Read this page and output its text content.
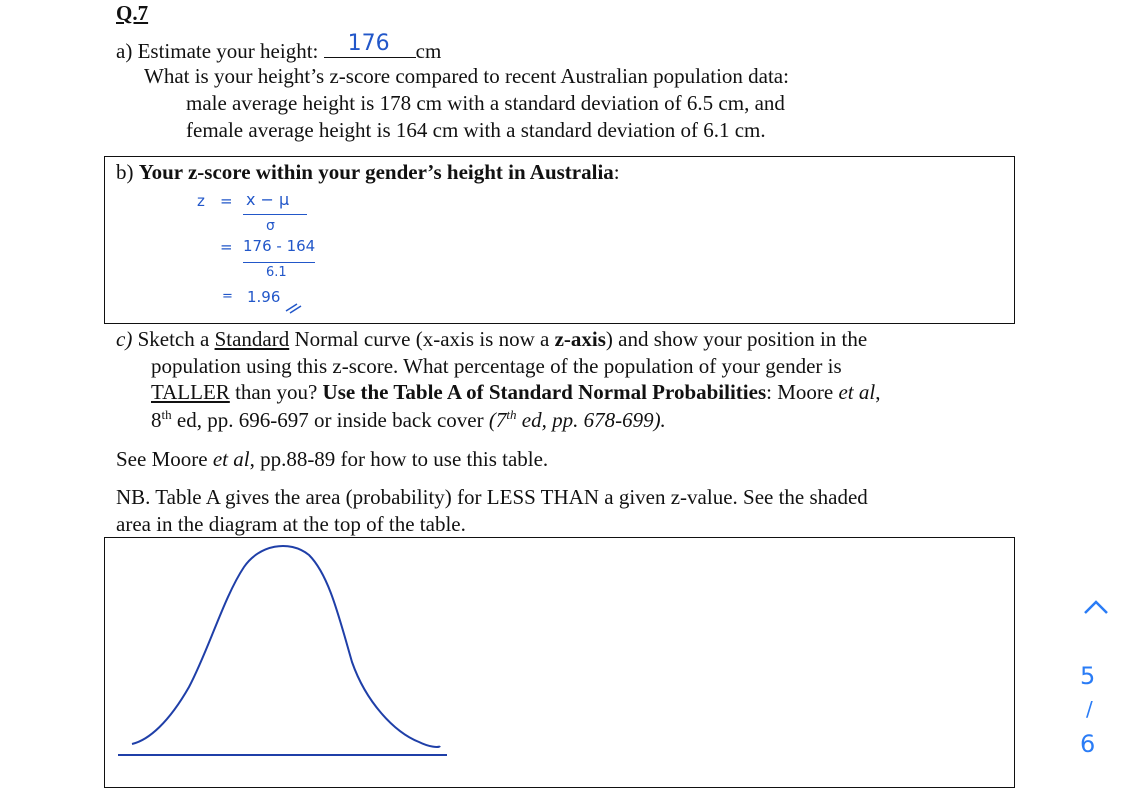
Q.7
a) Estimate your height: 176 cm
What is your height’s z-score compared to recent Australian population data:
male average height is 178 cm with a standard deviation of 6.5 cm, and
female average height is 164 cm with a standard deviation of 6.1 cm.
b) Your z-score within your gender’s height in Australia:
z = x − μ
σ
= 176 - 164
6.1
= 1.96
c) Sketch a Standard Normal curve (x-axis is now a z-axis) and show your position in the
population using this z-score. What percentage of the population of your gender is
TALLER than you? Use the Table A of Standard Normal Probabilities: Moore et al,
8th ed, pp. 696-697 or inside back cover (7th ed, pp. 678-699).
See Moore et al, pp.88-89 for how to use this table.
NB. Table A gives the area (probability) for LESS THAN a given z-value. See the shaded
area in the diagram at the top of the table.
5
/
6
